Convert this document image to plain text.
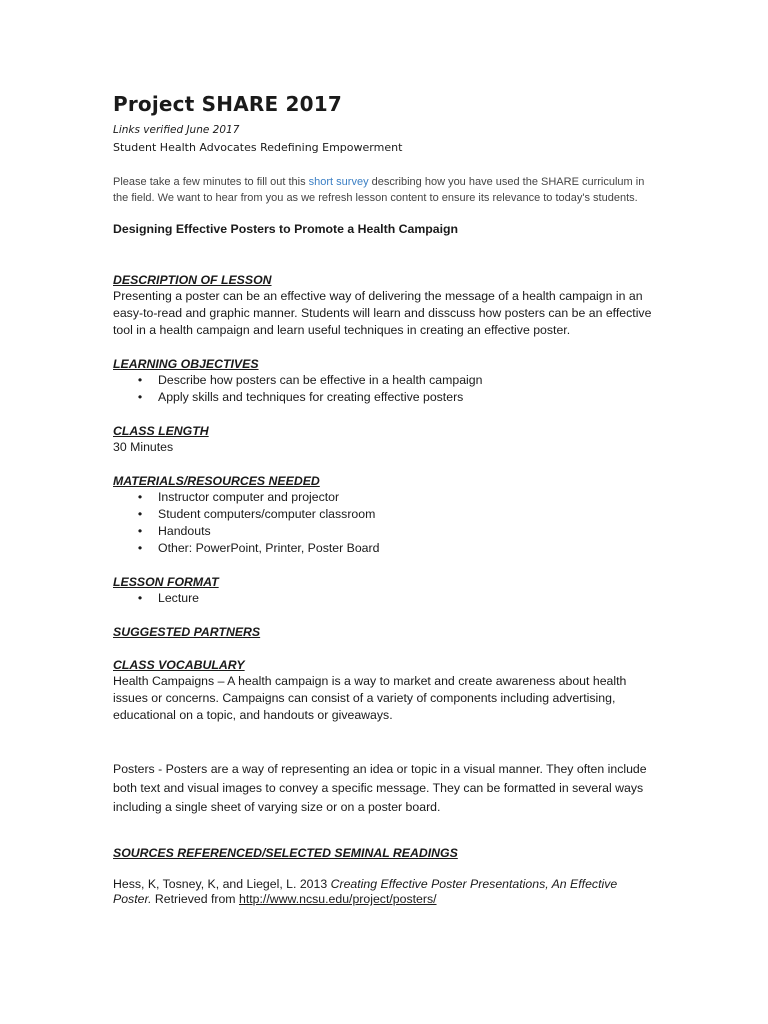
Project SHARE 2017

Links verified June 2017

Student Health Advocates Redefining Empowerment

Please take a few minutes to fill out this short survey describing how you have used the SHARE curriculum in the field. We want to hear from you as we refresh lesson content to ensure its relevance to today's students.

Designing Effective Posters to Promote a Health Campaign

DESCRIPTION OF LESSON

Presenting a poster can be an effective way of delivering the message of a health campaign in an easy-to-read and graphic manner. Students will learn and disscuss how posters can be an effective tool in a health campaign and learn useful techniques in creating an effective poster.

LEARNING OBJECTIVES

•	Describe how posters can be effective in a health campaign
•	Apply skills and techniques for creating effective posters

CLASS LENGTH

30 Minutes

MATERIALS/RESOURCES NEEDED

•	Instructor computer and projector
•	Student computers/computer classroom
•	Handouts
•	Other: PowerPoint, Printer, Poster Board

LESSON FORMAT

•	Lecture

SUGGESTED PARTNERS

CLASS VOCABULARY

Health Campaigns – A health campaign is a way to market and create awareness about health issues or concerns. Campaigns can consist of a variety of components including advertising, educational on a topic, and handouts or giveaways.

Posters - Posters are a way of representing an idea or topic in a visual manner. They often include both text and visual images to convey a specific message. They can be formatted in several ways including a single sheet of varying size or on a poster board.

SOURCES REFERENCED/SELECTED SEMINAL READINGS

Hess, K, Tosney, K, and Liegel, L. 2013 Creating Effective Poster Presentations, An Effective Poster. Retrieved from http://www.ncsu.edu/project/posters/
